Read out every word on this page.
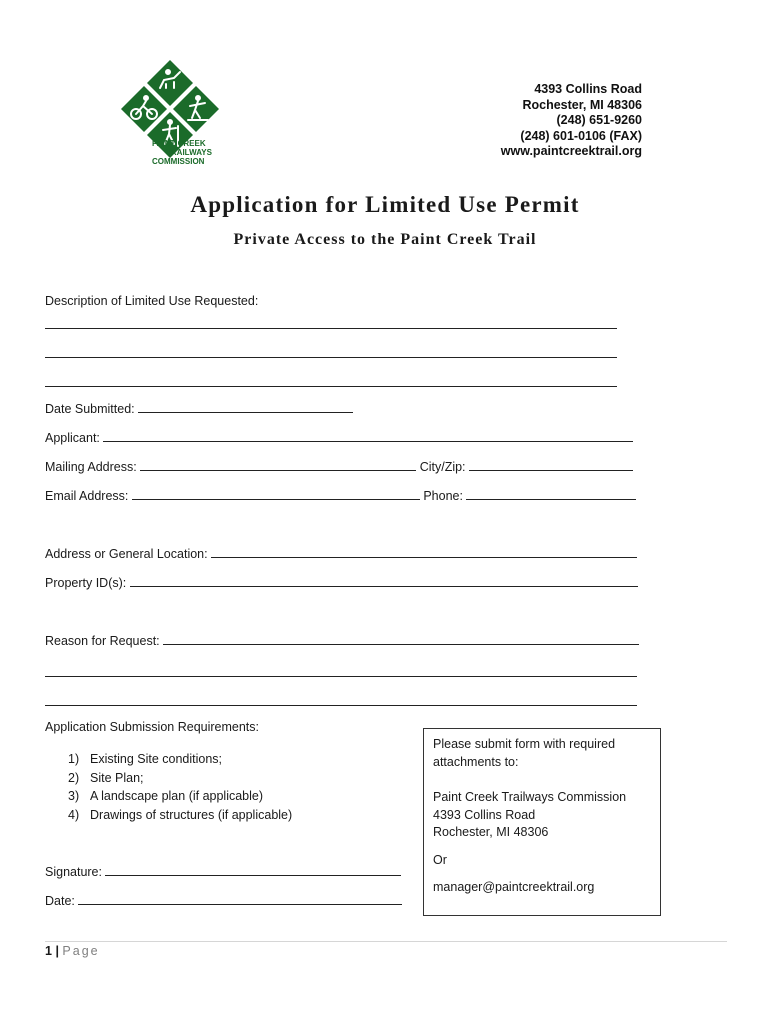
PAINT CREEK
TRAILWAYS
COMMISSION
4393 Collins Road
Rochester, MI 48306
(248) 651-9260
(248) 601-0106 (FAX)
www.paintcreektrail.org
Application for Limited Use Permit
Private Access to the Paint Creek Trail
Description of Limited Use Requested:
Date Submitted:
Applicant:
Mailing Address:	City/Zip:
Email Address:	Phone:
Address or General Location:
Property ID(s):
Reason for Request:
Application Submission Requirements:
1) Existing Site conditions;
2) Site Plan;
3) A landscape plan (if applicable)
4) Drawings of structures (if applicable)
Signature:
Date:

Please submit form with required attachments to:

Paint Creek Trailways Commission

4393 Collins Road

Rochester, MI 48306

Or

manager@paintcreektrail.org

1 | Page
